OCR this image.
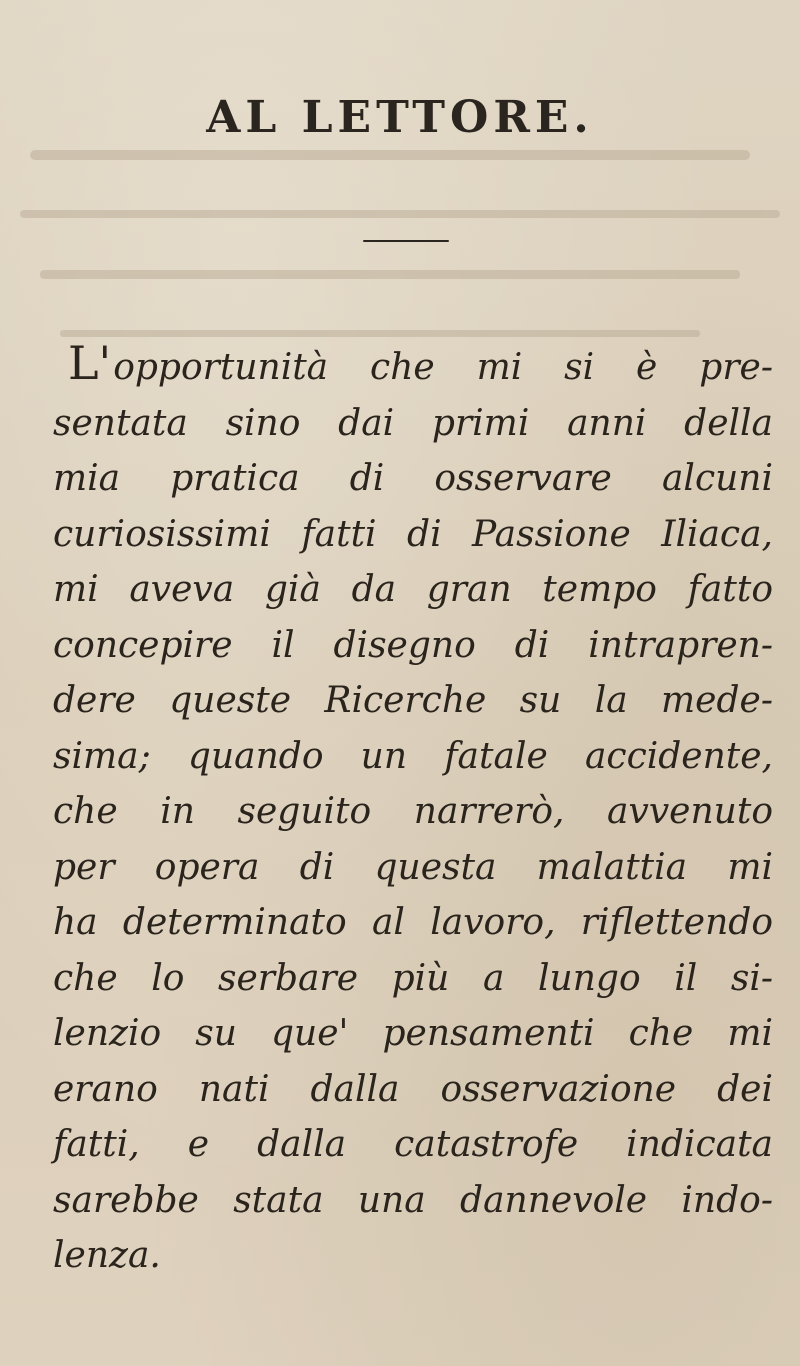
AL LETTORE.
L'opportunità che mi si è pre-
sentata sino dai primi anni della
mia pratica di osservare alcuni
curiosissimi fatti di Passione Iliaca,
mi aveva già da gran tempo fatto
concepire il disegno di intrapren-
dere queste Ricerche su la mede-
sima; quando un fatale accidente,
che in seguito narrerò, avvenuto
per opera di questa malattia mi
ha determinato al lavoro, riflettendo
che lo serbare più a lungo il si-
lenzio su que' pensamenti che mi
erano nati dalla osservazione dei
fatti, e dalla catastrofe indicata
sarebbe stata una dannevole indo-
lenza.
